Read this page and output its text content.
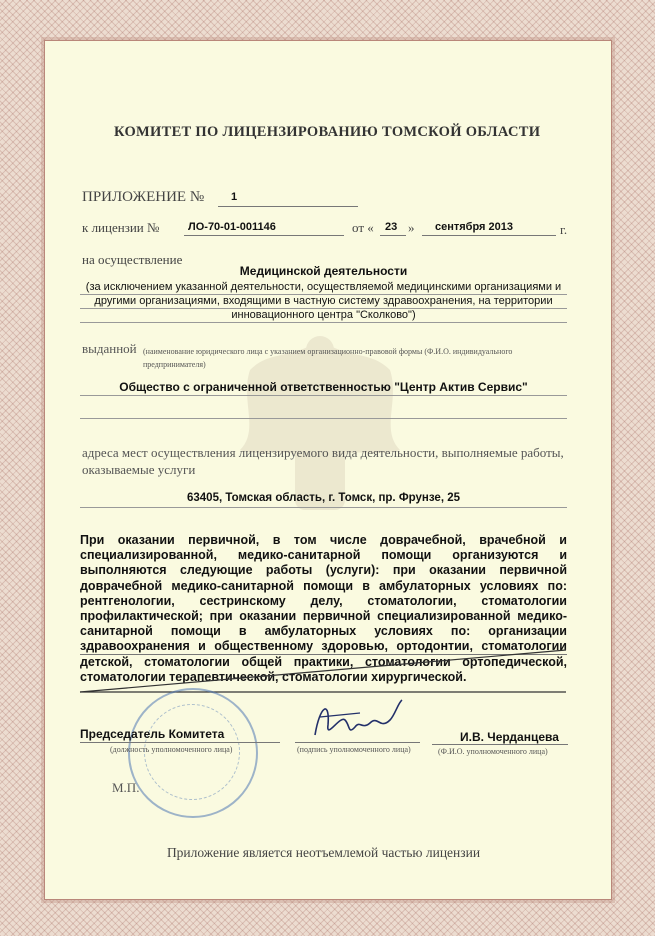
КОМИТЕТ ПО ЛИЦЕНЗИРОВАНИЮ ТОМСКОЙ ОБЛАСТИ
ПРИЛОЖЕНИЕ № 1
к лицензии №	ЛО-70-01-001146	от « 23 » сентября 2013	г.
на осуществление
Медицинской деятельности
(за исключением указанной деятельности, осуществляемой медицинскими организациями и другими организациями, входящими в частную систему здравоохранения, на территории инновационного центра "Сколково")
выданной (наименование юридического лица с указанием организационно-правовой формы (Ф.И.О. индивидуального предпринимателя)
Общество с ограниченной ответственностью "Центр Актив Сервис"
адреса мест осуществления лицензируемого вида деятельности, выполняемые работы, оказываемые услуги
63405, Томская область, г. Томск, пр. Фрунзе, 25
При оказании первичной, в том числе доврачебной, врачебной и специализированной, медико-санитарной помощи организуются и выполняются следующие работы (услуги): при оказании первичной доврачебной медико-санитарной помощи в амбулаторных условиях по: рентгенологии, сестринскому делу, стоматологии, стоматологии профилактической; при оказании первичной специализированной медико-санитарной помощи в амбулаторных условиях по: организации здравоохранения и общественному здоровью, ортодонтии, стоматологии детской, стоматологии общей практики, стоматологии ортопедической, стоматологии терапевтической, стоматологии хирургической.
Председатель Комитета
(должность уполномоченного лица)	(подпись уполномоченного лица)
И.В. Черданцева
(Ф.И.О. уполномоченного лица)
М.П.
Приложение является неотъемлемой частью лицензии
